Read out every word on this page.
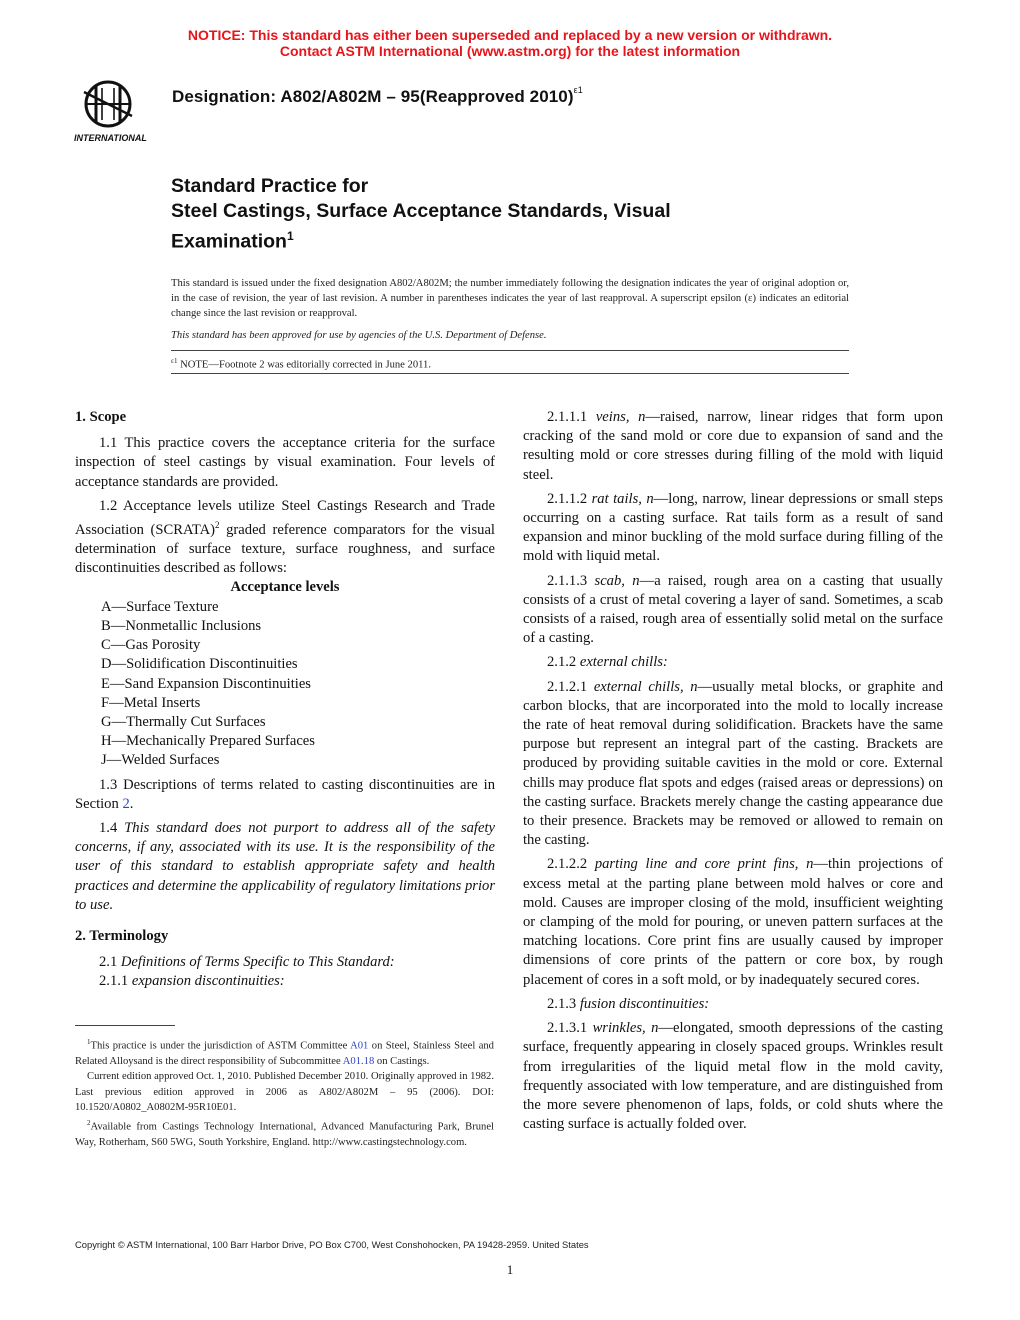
NOTICE: This standard has either been superseded and replaced by a new version or withdrawn.
Contact ASTM International (www.astm.org) for the latest information
INTERNATIONAL
Designation: A802/A802M – 95(Reapproved 2010)$^{\varepsilon 1}$
Standard Practice for
Steel Castings, Surface Acceptance Standards, Visual
Examination$^1$
This standard is issued under the fixed designation A802/A802M; the number immediately following the designation indicates the year of original adoption or, in the case of revision, the year of last revision. A number in parentheses indicates the year of last reapproval. A superscript epsilon (ε) indicates an editorial change since the last revision or reapproval.
This standard has been approved for use by agencies of the U.S. Department of Defense.
$^{\varepsilon 1}$ NOTE—Footnote 2 was editorially corrected in June 2011.

1. Scope

1.1 This practice covers the acceptance criteria for the surface inspection of steel castings by visual examination. Four levels of acceptance standards are provided.

1.2 Acceptance levels utilize Steel Castings Research and Trade Association (SCRATA)$^2$ graded reference comparators for the visual determination of surface texture, surface roughness, and surface discontinuities described as follows:

Acceptance levels

A—Surface Texture

B—Nonmetallic Inclusions

C—Gas Porosity

D—Solidification Discontinuities

E—Sand Expansion Discontinuities

F—Metal Inserts

G—Thermally Cut Surfaces

H—Mechanically Prepared Surfaces

J—Welded Surfaces

1.3 Descriptions of terms related to casting discontinuities are in Section 2.

1.4 This standard does not purport to address all of the safety concerns, if any, associated with its use. It is the responsibility of the user of this standard to establish appropriate safety and health practices and determine the applicability of regulatory limitations prior to use.

2. Terminology

2.1 Definitions of Terms Specific to This Standard:

2.1.1 expansion discontinuities:

$^1$This practice is under the jurisdiction of ASTM Committee A01 on Steel, Stainless Steel and Related Alloysand is the direct responsibility of Subcommittee A01.18 on Castings.

Current edition approved Oct. 1, 2010. Published December 2010. Originally approved in 1982. Last previous edition approved in 2006 as A802/A802M – 95 (2006). DOI: 10.1520/A0802_A0802M-95R10E01.

$^2$Available from Castings Technology International, Advanced Manufacturing Park, Brunel Way, Rotherham, S60 5WG, South Yorkshire, England. http://www.castingstechnology.com.

2.1.1.1 veins, n—raised, narrow, linear ridges that form upon cracking of the sand mold or core due to expansion of sand and the resulting mold or core stresses during filling of the mold with liquid steel.

2.1.1.2 rat tails, n—long, narrow, linear depressions or small steps occurring on a casting surface. Rat tails form as a result of sand expansion and minor buckling of the mold surface during filling of the mold with liquid metal.

2.1.1.3 scab, n—a raised, rough area on a casting that usually consists of a crust of metal covering a layer of sand. Sometimes, a scab consists of a raised, rough area of essentially solid metal on the surface of a casting.

2.1.2 external chills:

2.1.2.1 external chills, n—usually metal blocks, or graphite and carbon blocks, that are incorporated into the mold to locally increase the rate of heat removal during solidification. Brackets have the same purpose but represent an integral part of the casting. Brackets are produced by providing suitable cavities in the mold or core. External chills may produce flat spots and edges (raised areas or depressions) on the casting surface. Brackets merely change the casting appearance due to their presence. Brackets may be removed or allowed to remain on the casting.

2.1.2.2 parting line and core print fins, n—thin projections of excess metal at the parting plane between mold halves or core and mold. Causes are improper closing of the mold, insufficient weighting or clamping of the mold for pouring, or uneven pattern surfaces at the matching locations. Core print fins are usually caused by improper dimensions of core prints of the pattern or core box, by rough placement of cores in a soft mold, or by inadequately secured cores.

2.1.3 fusion discontinuities:

2.1.3.1 wrinkles, n—elongated, smooth depressions of the casting surface, frequently appearing in closely spaced groups. Wrinkles result from irregularities of the liquid metal flow in the mold cavity, frequently associated with low temperature, and are distinguished from the more severe phenomenon of laps, folds, or cold shuts where the casting surface is actually folded over.

Copyright © ASTM International, 100 Barr Harbor Drive, PO Box C700, West Conshohocken, PA 19428-2959. United States
1
